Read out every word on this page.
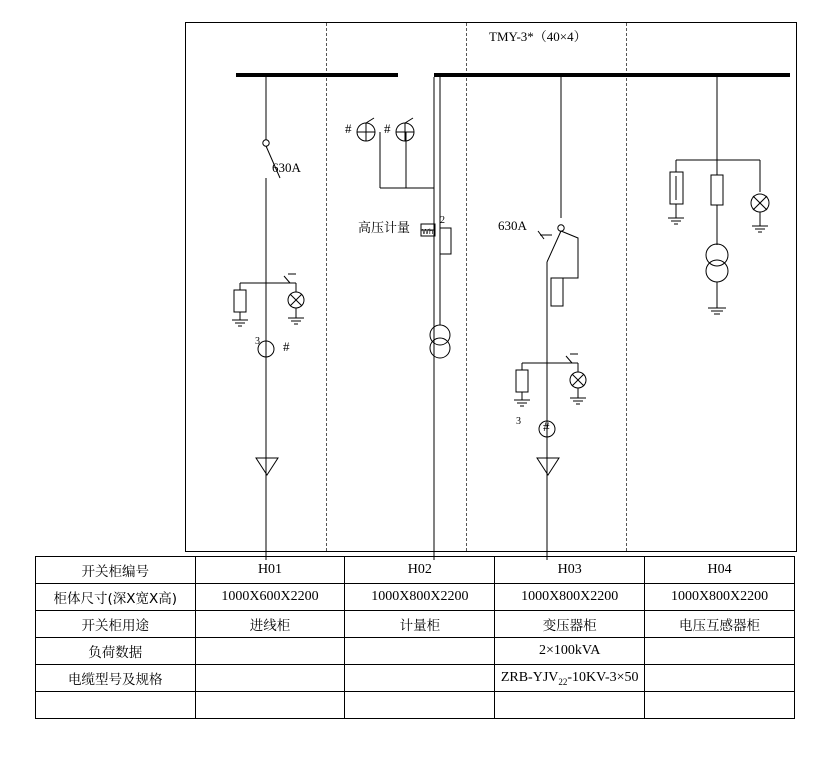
TMY-3*（40×4）
630A
高压计量
2
3 #
630A
3 #
#	#
Wh
开关柜编号	H01	H02	H03	H04
柜体尺寸(深X宽X高)	1000X600X2200	1000X800X2200	1000X800X2200	1000X800X2200
开关柜用途	进线柜	计量柜	变压器柜	电压互感器柜
负荷数据			2×100kVA	
电缆型号及规格			ZRB-$YJV_{22}-10KV-3\times 50$	
